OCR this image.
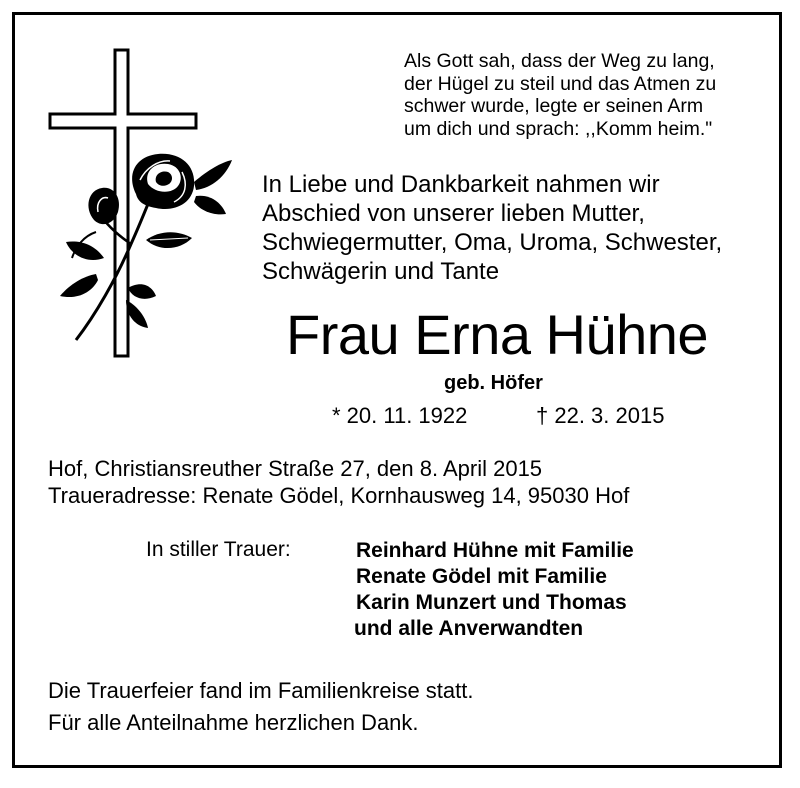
Als Gott sah, dass der Weg zu lang,
der Hügel zu steil und das Atmen zu
schwer wurde, legte er seinen Arm
um dich und sprach: ,,Komm heim."
In Liebe und Dankbarkeit nahmen wir
Abschied von unserer lieben Mutter,
Schwiegermutter, Oma, Uroma, Schwester,
Schwägerin und Tante
Frau Erna Hühne
geb. Höfer
* 20. 11. 1922	† 22. 3. 2015
Hof, Christiansreuther Straße 27, den 8. April 2015
Traueradresse: Renate Gödel, Kornhausweg 14, 95030 Hof
In stiller Trauer:	Reinhard Hühne mit Familie
Renate Gödel mit Familie
Karin Munzert und Thomas
und alle Anverwandten
Die Trauerfeier fand im Familienkreise statt.
Für alle Anteilnahme herzlichen Dank.
